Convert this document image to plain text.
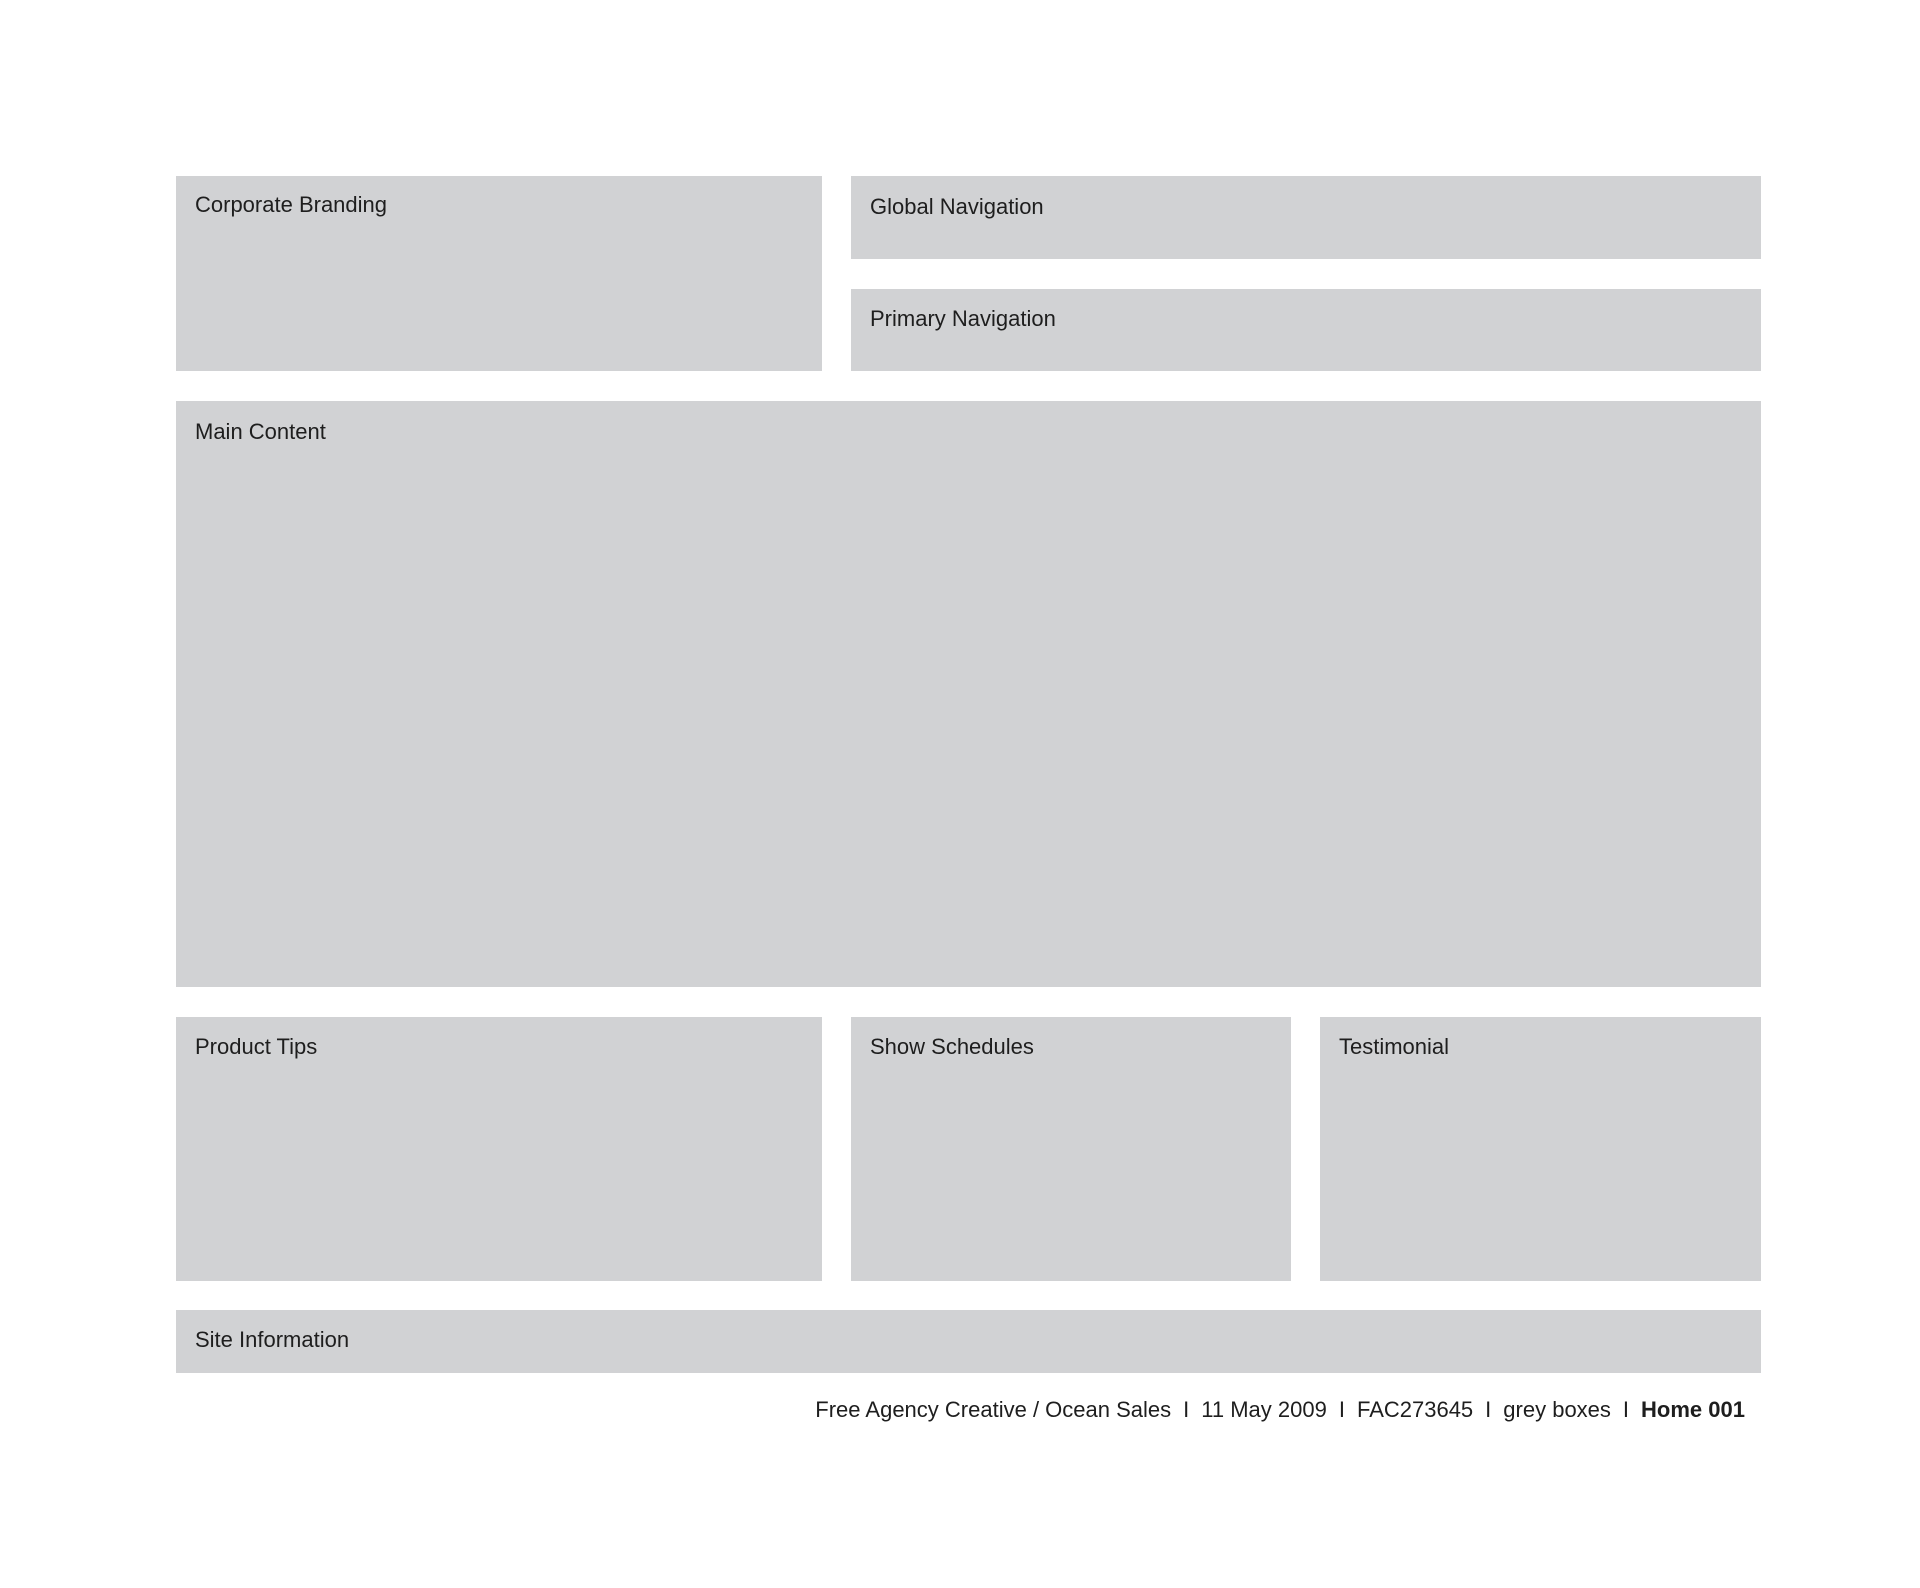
Corporate Branding	Global Navigation
Primary Navigation
Main Content
Product Tips	Show Schedules	Testimonial
Site Information
Free Agency Creative / Ocean Sales I 11 May 2009 I FAC273645 I grey boxes I Home 001
